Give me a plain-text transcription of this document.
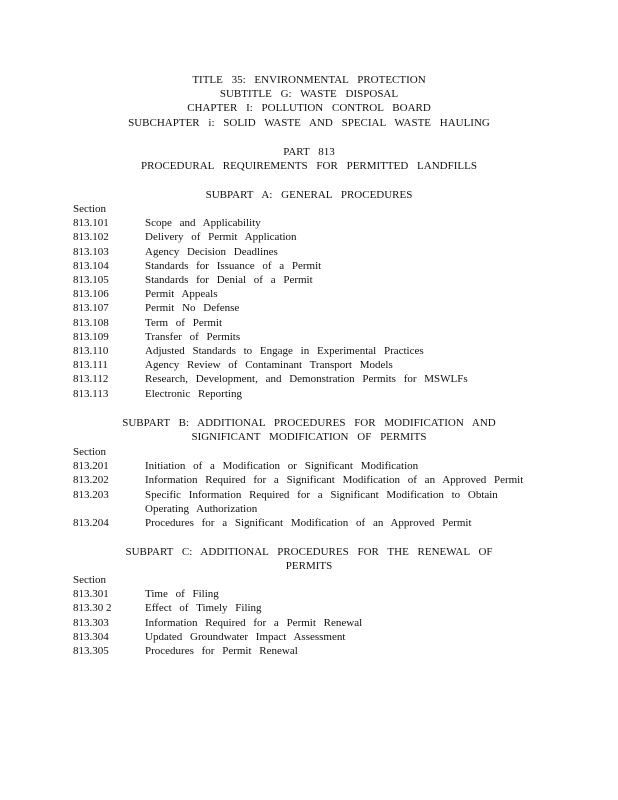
TITLE 35: ENVIRONMENTAL PROTECTION
SUBTITLE G: WASTE DISPOSAL
CHAPTER I: POLLUTION CONTROL BOARD
SUBCHAPTER i: SOLID WASTE AND SPECIAL WASTE HAULING
PART 813
PROCEDURAL REQUIREMENTS FOR PERMITTED LANDFILLS
SUBPART A: GENERAL PROCEDURES
Section
813.101	Scope and Applicability
813.102	Delivery of Permit Application
813.103	Agency Decision Deadlines
813.104	Standards for Issuance of a Permit
813.105	Standards for Denial of a Permit
813.106	Permit Appeals
813.107	Permit No Defense
813.108	Term of Permit
813.109	Transfer of Permits
813.110	Adjusted Standards to Engage in Experimental Practices
813.111	Agency Review of Contaminant Transport Models
813.112	Research, Development, and Demonstration Permits for MSWLFs
813.113	Electronic Reporting
SUBPART B: ADDITIONAL PROCEDURES FOR MODIFICATION AND
SIGNIFICANT MODIFICATION OF PERMITS
Section
813.201	Initiation of a Modification or Significant Modification
813.202	Information Required for a Significant Modification of an Approved Permit
813.203	Specific Information Required for a Significant Modification to Obtain Operating Authorization
813.204	Procedures for a Significant Modification of an Approved Permit
SUBPART C: ADDITIONAL PROCEDURES FOR THE RENEWAL OF
PERMITS
Section
813.301	Time of Filing
813.30 2	Effect of Timely Filing
813.303	Information Required for a Permit Renewal
813.304	Updated Groundwater Impact Assessment
813.305	Procedures for Permit Renewal
